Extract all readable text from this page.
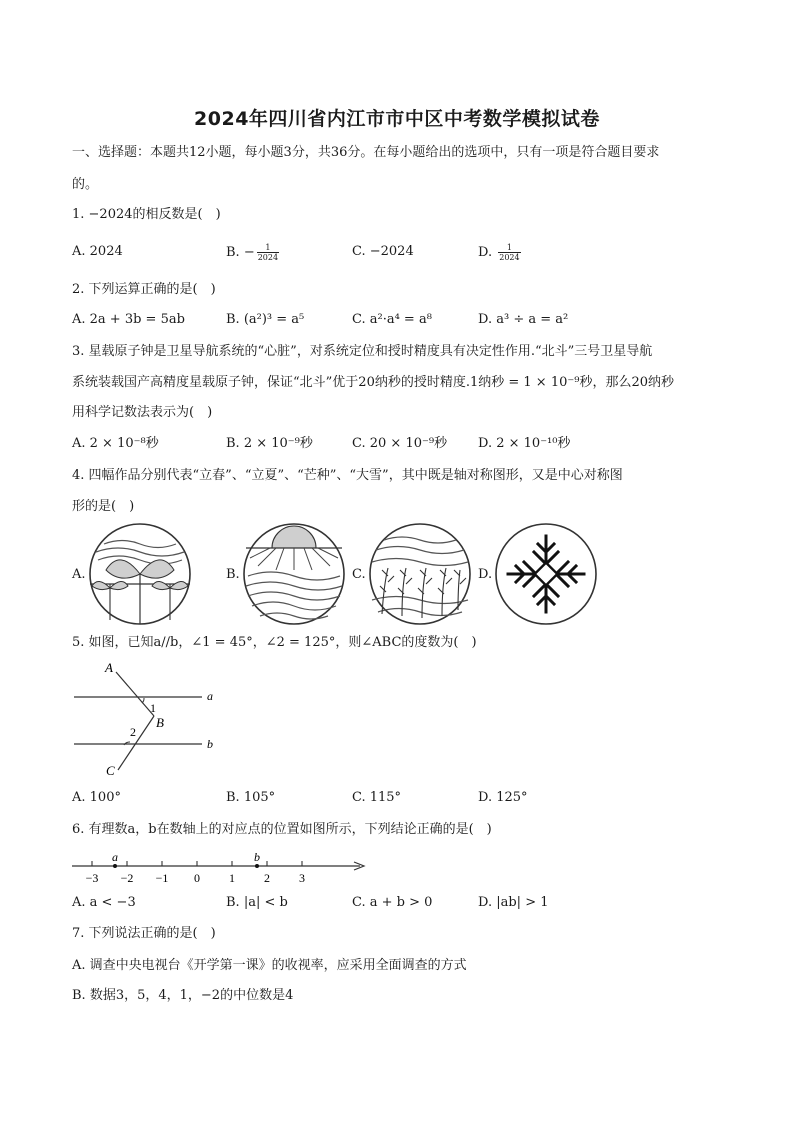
2024年四川省内江市市中区中考数学模拟试卷
一、选择题：本题共12小题，每小题3分，共36分。在每小题给出的选项中，只有一项是符合题目要求
的。
1. −2024的相反数是(　)
A. 2024	B. − $\frac{1}{2024}$	C. −2024	D. $\frac{1}{2024}$
2. 下列运算正确的是(　)
A. 2a + 3b = 5ab	B. (a²)³ = a⁵	C. a²·a⁴ = a⁸	D. a³ ÷ a = a²
3. 星载原子钟是卫星导航系统的“心脏”，对系统定位和授时精度具有决定性作用.“北斗”三号卫星导航
系统装载国产高精度星载原子钟，保证“北斗”优于20纳秒的授时精度.1纳秒 = 1 × 10⁻⁹秒，那么20纳秒
用科学记数法表示为(　)
A. 2 × 10⁻⁸秒	B. 2 × 10⁻⁹秒	C. 20 × 10⁻⁹秒 D. 2 × 10⁻¹⁰秒
4. 四幅作品分别代表“立春”、“立夏”、“芒种”、“大雪”，其中既是轴对称图形，又是中心对称图
形的是(　)
A.	B.	C.	D.
5. 如图，已知a//b，∠1 = 45°，∠2 = 125°，则∠ABC的度数为(　)
A
B
C
a
b
1
2
A. 100°	B. 105°	C. 115°	D. 125°
6. 有理数a，b在数轴上的对应点的位置如图所示，下列结论正确的是(　)
−3 −2 −1 0 1 2 3
a	b
A. a < −3	B. |a| < b	C. a + b > 0	D. |ab| > 1
7. 下列说法正确的是(　)
A. 调查中央电视台《开学第一课》的收视率，应采用全面调查的方式
B. 数据3，5，4，1，−2的中位数是4
